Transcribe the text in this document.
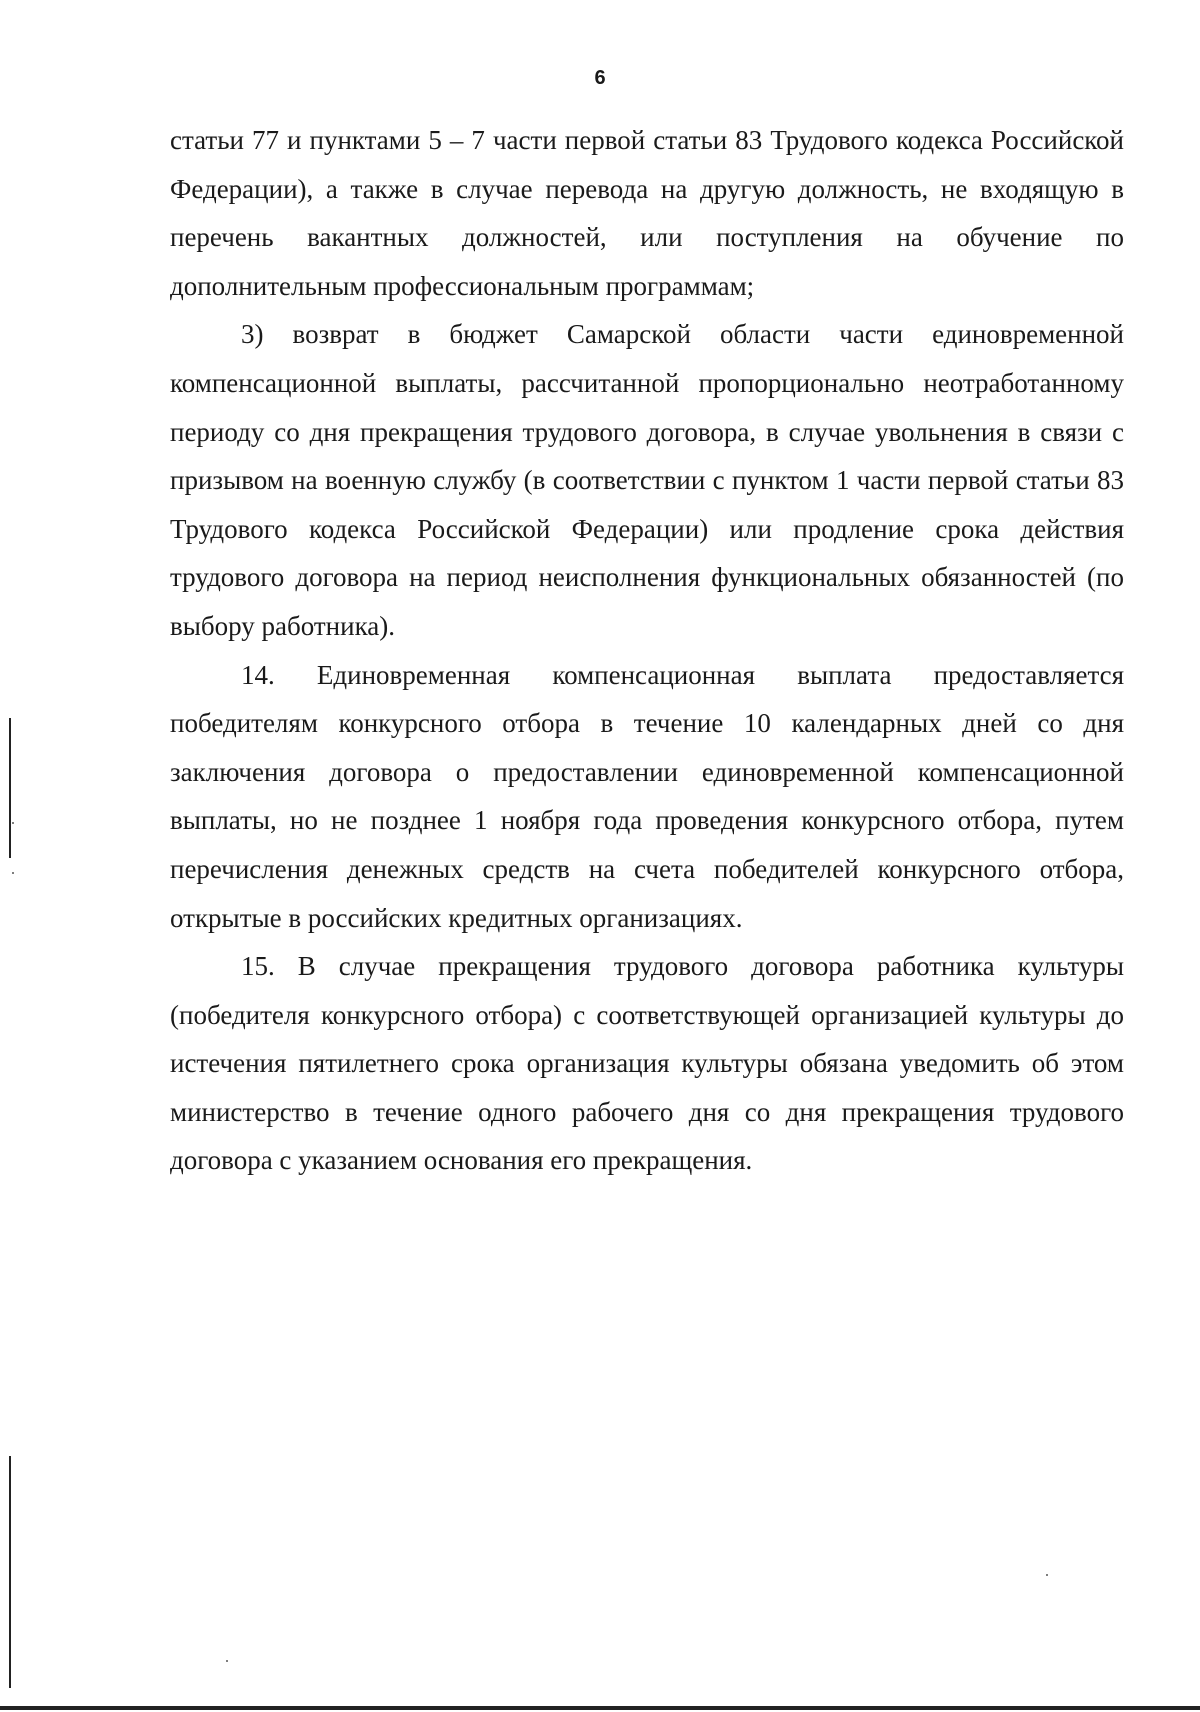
6

статьи 77 и пунктами 5 – 7 части первой статьи 83 Трудового кодекса Российской Федерации), а также в случае перевода на другую должность, не входящую в перечень вакантных должностей, или поступления на обучение по дополнительным профессиональным программам;

3) возврат в бюджет Самарской области части единовременной компенсационной выплаты, рассчитанной пропорционально неотработанному периоду со дня прекращения трудового договора, в случае увольнения в связи с призывом на военную службу (в соответствии с пунктом 1 части первой статьи 83 Трудового кодекса Российской Федерации) или продление срока действия трудового договора на период неисполнения функциональных обязанностей (по выбору работника).

14. Единовременная компенсационная выплата предоставляется победителям конкурсного отбора в течение 10 календарных дней со дня заключения договора о предоставлении единовременной компенсационной выплаты, но не позднее 1 ноября года проведения конкурсного отбора, путем перечисления денежных средств на счета победителей конкурсного отбора, открытые в российских кредитных организациях.

15. В случае прекращения трудового договора работника культуры (победителя конкурсного отбора) с соответствующей организацией культуры до истечения пятилетнего срока организация культуры обязана уведомить об этом министерство в течение одного рабочего дня со дня прекращения трудового договора с указанием основания его прекращения.
